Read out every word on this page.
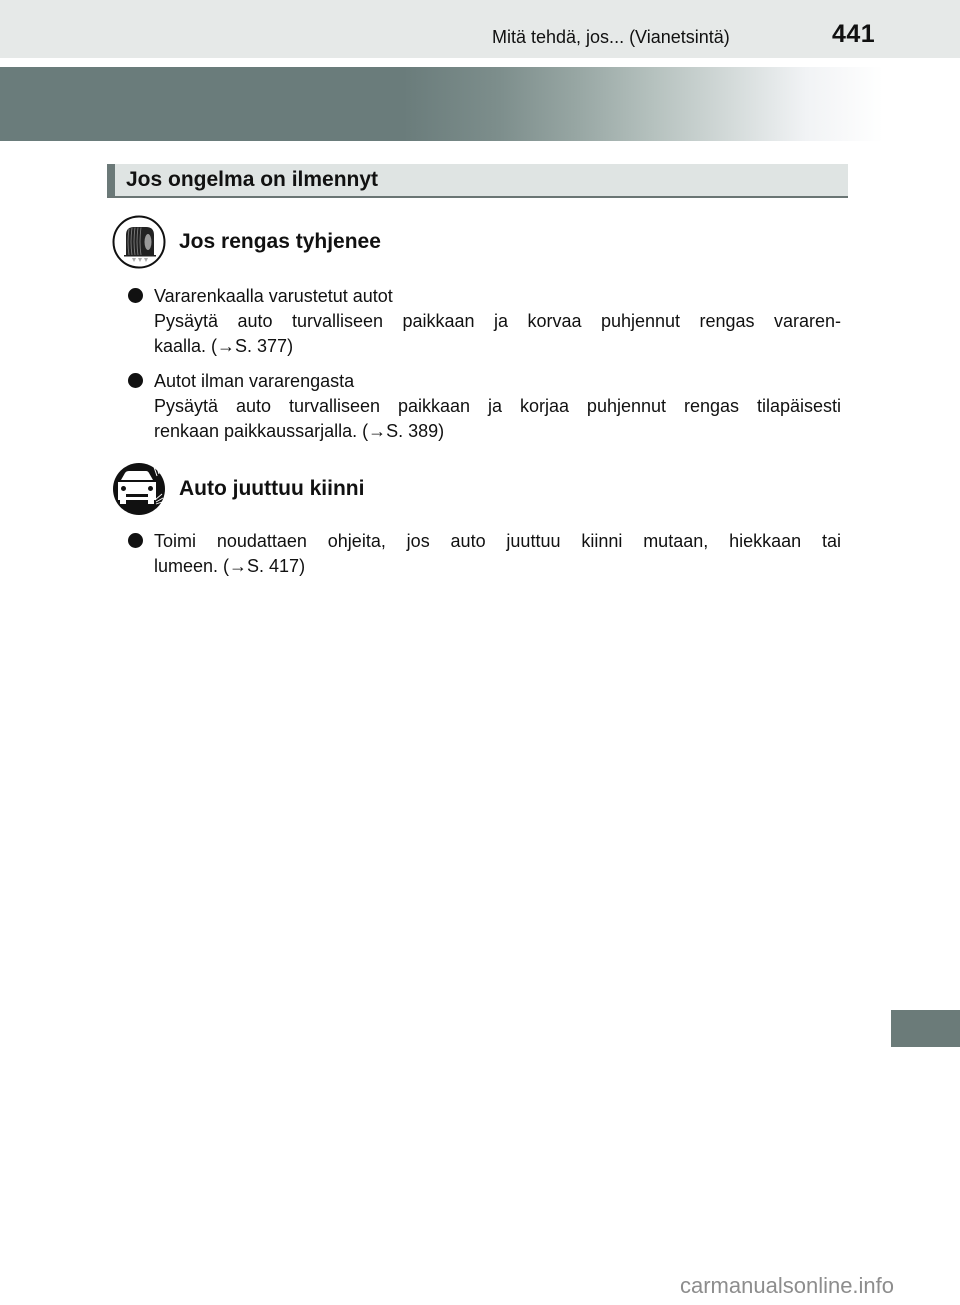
Mitä tehdä, jos... (Vianetsintä)	441
Jos ongelma on ilmennyt
Jos rengas tyhjenee
Vararenkaalla varustetut autot
Pysäytä auto turvalliseen paikkaan ja korvaa puhjennut rengas vararen-
kaalla. (→S. 377)
Autot ilman vararengasta
Pysäytä auto turvalliseen paikkaan ja korjaa puhjennut rengas tilapäisesti
renkaan paikkaussarjalla. (→S. 389)
Auto juuttuu kiinni
Toimi noudattaen ohjeita, jos auto juuttuu kiinni mutaan, hiekkaan tai
lumeen. (→S. 417)
carmanualsonline.info
